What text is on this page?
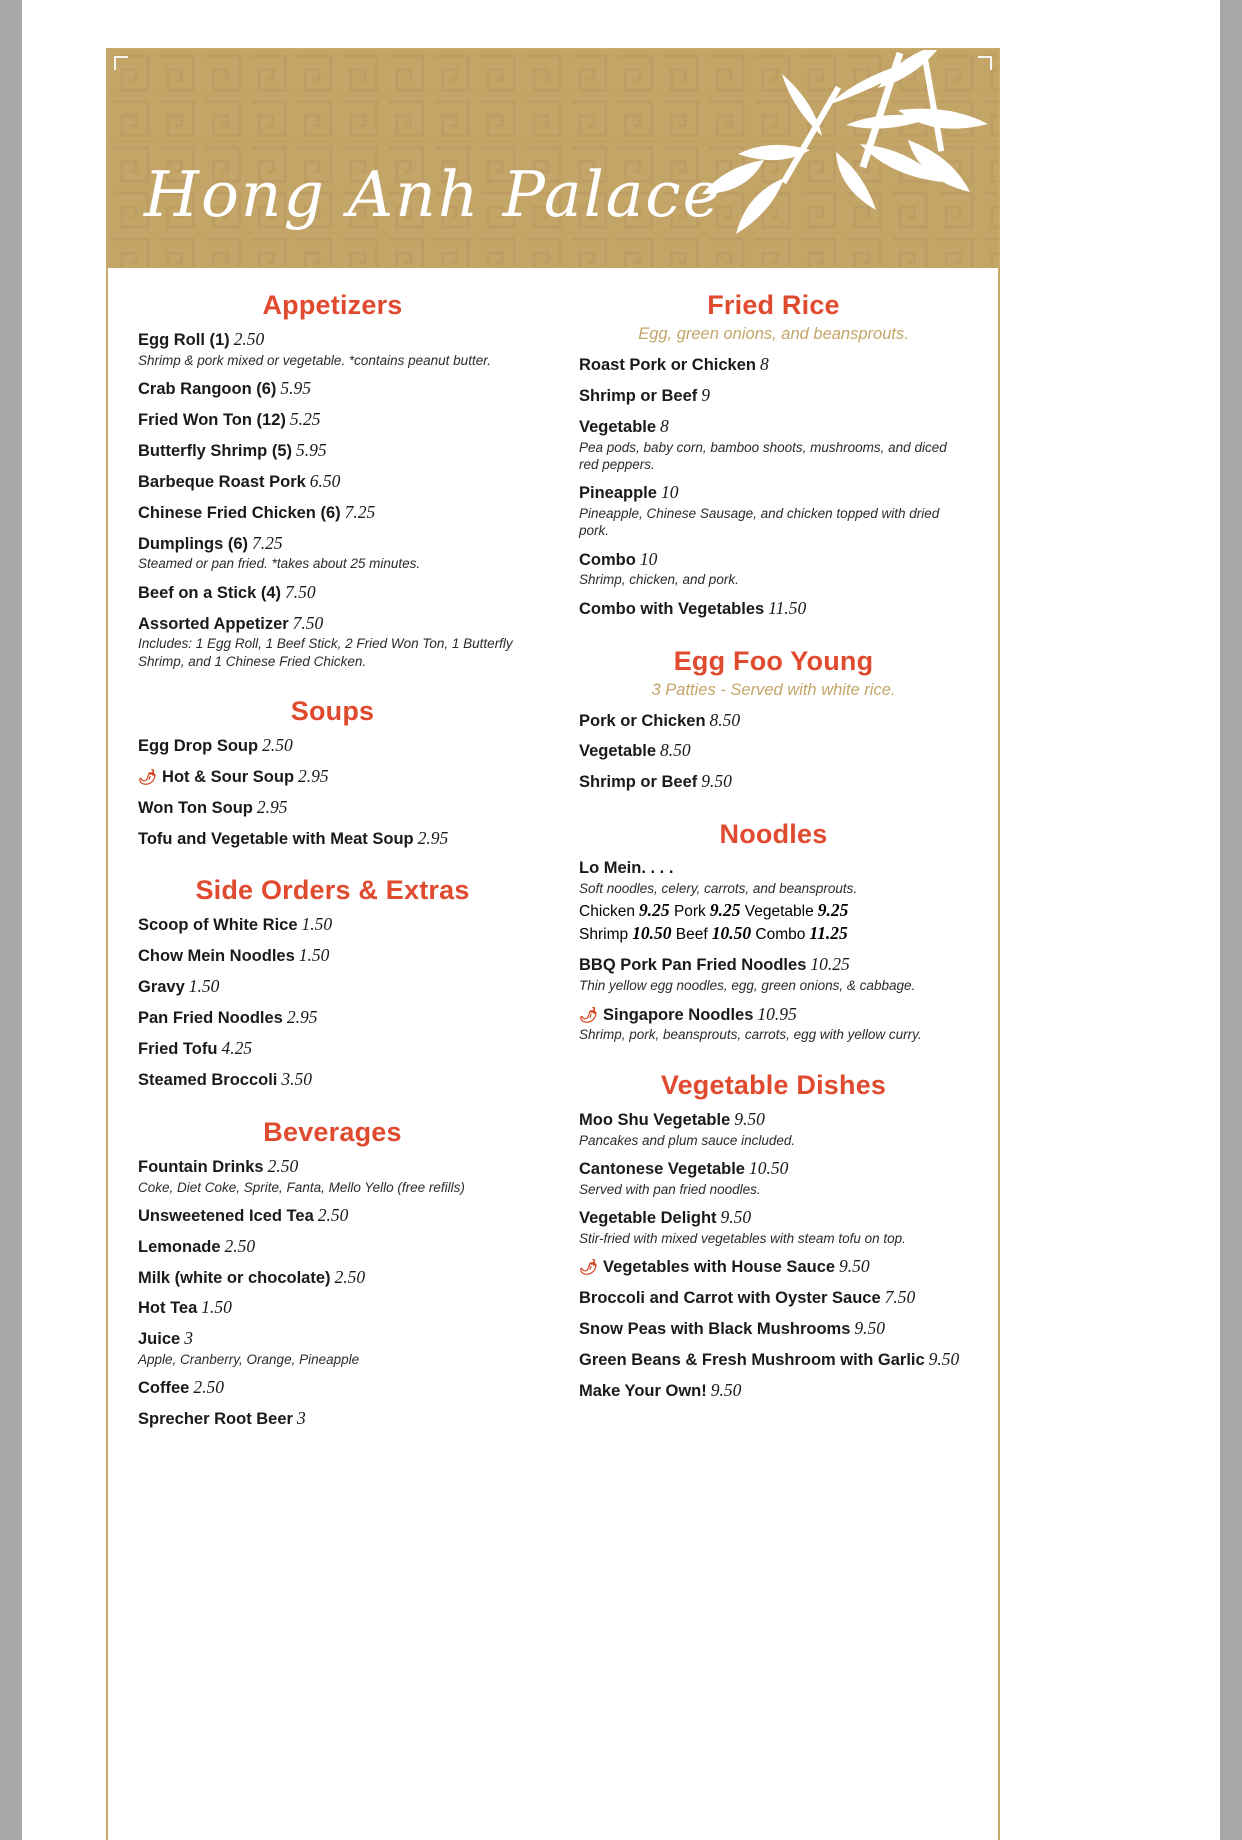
Hong Anh Palace
Appetizers
Egg Roll (1) 2.50
Shrimp & pork mixed or vegetable. *contains peanut butter.
Crab Rangoon (6) 5.95
Fried Won Ton (12) 5.25
Butterfly Shrimp (5) 5.95
Barbeque Roast Pork 6.50
Chinese Fried Chicken (6) 7.25
Dumplings (6) 7.25
Steamed or pan fried. *takes about 25 minutes.
Beef on a Stick (4) 7.50
Assorted Appetizer 7.50
Includes: 1 Egg Roll, 1 Beef Stick, 2 Fried Won Ton, 1 Butterfly Shrimp, and 1 Chinese Fried Chicken.
Soups
Egg Drop Soup 2.50
🌶 Hot & Sour Soup 2.95
Won Ton Soup 2.95
Tofu and Vegetable with Meat Soup 2.95
Side Orders & Extras
Scoop of White Rice 1.50
Chow Mein Noodles 1.50
Gravy 1.50
Pan Fried Noodles 2.95
Fried Tofu 4.25
Steamed Broccoli 3.50
Beverages
Fountain Drinks 2.50
Coke, Diet Coke, Sprite, Fanta, Mello Yello (free refills)
Unsweetened Iced Tea 2.50
Lemonade 2.50
Milk (white or chocolate) 2.50
Hot Tea 1.50
Juice 3
Apple, Cranberry, Orange, Pineapple
Coffee 2.50
Sprecher Root Beer 3
Fried Rice
Egg, green onions, and beansprouts.
Roast Pork or Chicken 8
Shrimp or Beef 9
Vegetable 8
Pea pods, baby corn, bamboo shoots, mushrooms, and diced red peppers.
Pineapple 10
Pineapple, Chinese Sausage, and chicken topped with dried pork.
Combo 10
Shrimp, chicken, and pork.
Combo with Vegetables 11.50
Egg Foo Young
3 Patties - Served with white rice.
Pork or Chicken 8.50
Vegetable 8.50
Shrimp or Beef 9.50
Noodles
Lo Mein. . . .
Soft noodles, celery, carrots, and beansprouts.
Chicken 9.25 Pork 9.25 Vegetable 9.25
Shrimp 10.50 Beef 10.50 Combo 11.25
BBQ Pork Pan Fried Noodles 10.25
Thin yellow egg noodles, egg, green onions, & cabbage.
🌶 Singapore Noodles 10.95
Shrimp, pork, beansprouts, carrots, egg with yellow curry.
Vegetable Dishes
Moo Shu Vegetable 9.50
Pancakes and plum sauce included.
Cantonese Vegetable 10.50
Served with pan fried noodles.
Vegetable Delight 9.50
Stir-fried with mixed vegetables with steam tofu on top.
🌶 Vegetables with House Sauce 9.50
Broccoli and Carrot with Oyster Sauce 7.50
Snow Peas with Black Mushrooms 9.50
Green Beans & Fresh Mushroom with Garlic 9.50
Make Your Own! 9.50
